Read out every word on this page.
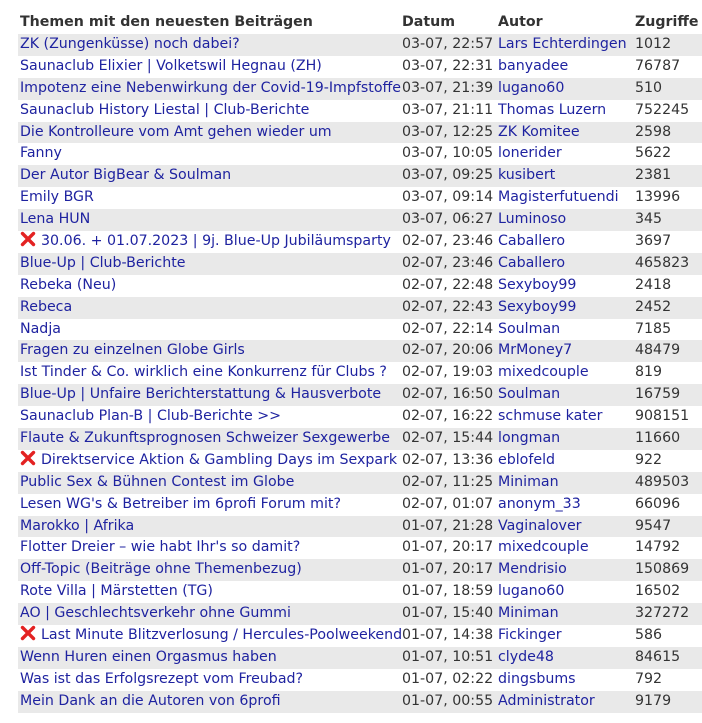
Themen mit den neuesten Beiträgen	Datum	Autor	Zugriffe
ZK (Zungenküsse) noch dabei?	03-07, 22:57 Lars Echterdingen 1012
Saunaclub Elixier | Volketswil Hegnau (ZH)	03-07, 22:31 banyadee	76787
Impotenz eine Nebenwirkung der Covid-19-Impfstoffe 03-07, 21:39 lugano60	510
Saunaclub History Liestal | Club-Berichte	03-07, 21:11 Thomas Luzern	752245
Die Kontrolleure vom Amt gehen wieder um	03-07, 12:25 ZK Komitee	2598
Fanny	03-07, 10:05 lonerider	5622
Der Autor BigBear & Soulman	03-07, 09:25 kusibert	2381
Emily BGR	03-07, 09:14 Magisterfutuendi	13996
Lena HUN	03-07, 06:27 Luminoso	345
30.06. + 01.07.2023 | 9j. Blue-Up Jubiläumsparty 02-07, 23:46 Caballero	3697
Blue-Up | Club-Berichte	02-07, 23:46 Caballero	465823
Rebeka (Neu)	02-07, 22:48 Sexyboy99	2418
Rebeca	02-07, 22:43 Sexyboy99	2452
Nadja	02-07, 22:14 Soulman	7185
Fragen zu einzelnen Globe Girls	02-07, 20:06 MrMoney7	48479
Ist Tinder & Co. wirklich eine Konkurrenz für Clubs ?	02-07, 19:03 mixedcouple	819
Blue-Up | Unfaire Berichterstattung & Hausverbote	02-07, 16:50 Soulman	16759
Saunaclub Plan-B | Club-Berichte >>	02-07, 16:22 schmuse kater	908151
Flaute & Zukunftsprognosen Schweizer Sexgewerbe 02-07, 15:44 longman	11660
Direktservice Aktion & Gambling Days im Sexpark 02-07, 13:36 eblofeld	922
Public Sex & Bühnen Contest im Globe	02-07, 11:25 Miniman	489503
Lesen WG's & Betreiber im 6profi Forum mit?	02-07, 01:07 anonym_33	66096
Marokko | Afrika	01-07, 21:28 Vaginalover	9547
Flotter Dreier – wie habt Ihr's so damit?	01-07, 20:17 mixedcouple	14792
Off-Topic (Beiträge ohne Themenbezug)	01-07, 20:17 Mendrisio	150869
Rote Villa | Märstetten (TG)	01-07, 18:59 lugano60	16502
AO | Geschlechtsverkehr ohne Gummi	01-07, 15:40 Miniman	327272
Last Minute Blitzverlosung / Hercules-Poolweekend 01-07, 14:38 Fickinger	586
Wenn Huren einen Orgasmus haben	01-07, 10:51 clyde48	84615
Was ist das Erfolgsrezept vom Freubad?	01-07, 02:22 dingsbums	792
Mein Dank an die Autoren von 6profi	01-07, 00:55 Administrator	9179
